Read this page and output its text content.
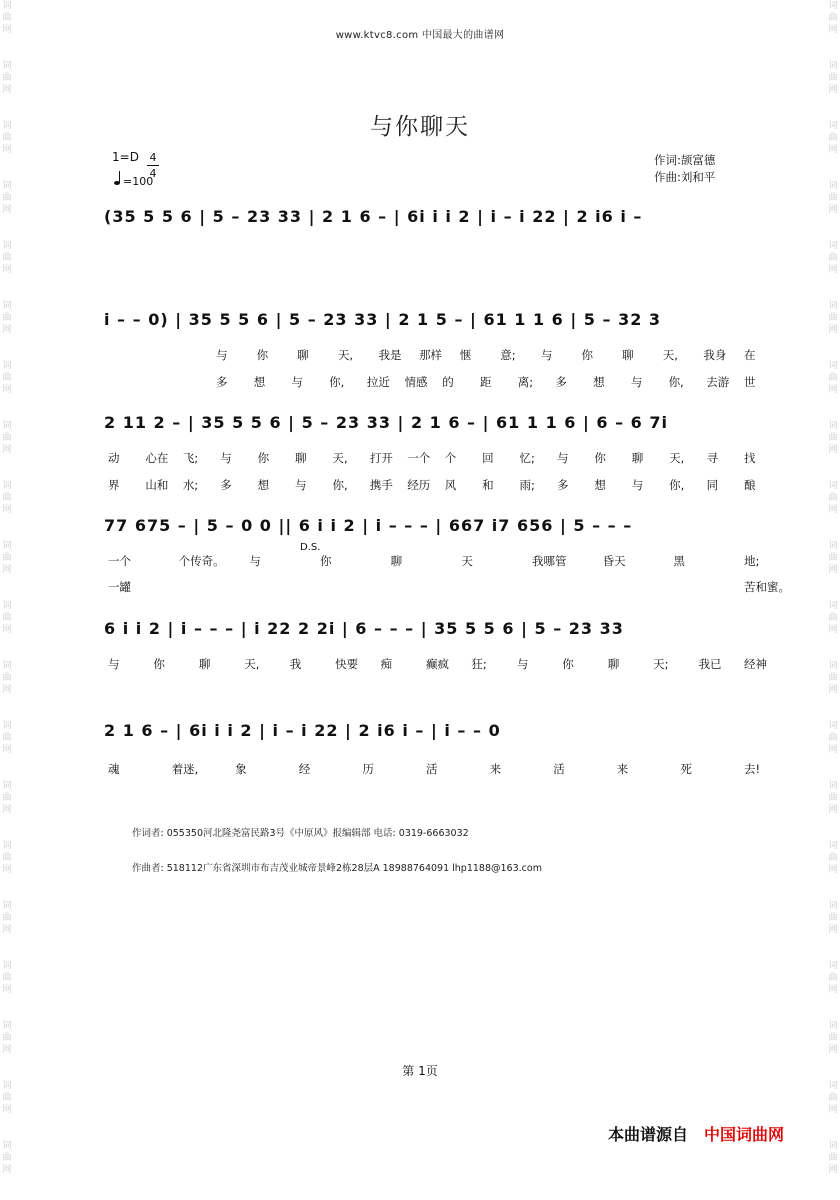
词
曲
网
词
曲
网
词
曲
网
词
曲
网
词
曲
网
词
曲
网
词
曲
网
词
曲
网
词
曲
网
词
曲
网
词
曲
网
词
曲
网
词
曲
网
词
曲
网
词
曲
网
词
曲
网
词
曲
网
词
曲
网
词
曲
网
词
曲
网
词
曲
网
词
曲
网
词
曲
网
词
曲
网
词
曲
网
词
曲
网
词
曲
网
词
曲
网
词
曲
网
词
曲
网
词
曲
网
词
曲
网
词
曲
网
词
曲
网
词
曲
网
词
曲
网
词
曲
网
词
曲
网
词
曲
网
词
曲
网
www.ktvc8.com 中国最大的曲谱网
与你聊天
1=D 4
4
=100
作词:颉富德
作曲:刘和平
(35 5 5 6 | 5 – 23 33 | 2 1 6 – | 6i i i 2 | i – i 22 | 2 i6 i –
i – – 0) | 35 5 5 6 | 5 – 23 33 | 2 1 5 – | 61 1 1 6 | 5 – 32 3
2 11 2 – | 35 5 5 6 | 5 – 23 33 | 2 1 6 – | 61 1 1 6 | 6 – 6 7i
77 675 – | 5 – 0 0 || 6 i i 2 | i – – – | 667 i7 656 | 5 – – –
D.S.
6 i i 2 | i – – – | i 22 2 2i | 6 – – – | 35 5 5 6 | 5 – 23 33
2 1 6 – | 6i i i 2 | i – i 22 | 2 i6 i – | i – – 0
与	你	聊	天, 我是 那样 惬	意; 与	你	聊	天, 我身 在
多 想 与 你, 拉近 情感 的 距 离; 多 想 与 你, 去游 世
动 心在 飞; 与 你 聊 天, 打开 一个 个 回 忆; 与 你 聊 天, 寻 找
界 山和 水; 多 想 与 你, 携手 经历 风 和 雨; 多 想 与 你, 同 酿
一个	个传奇。 与	你	聊	天	我哪管	昏天	黑	地;
一罐	苦和蜜。
与	你	聊	天,	我	快要 痴	癫疯 狂;	与	你	聊	天;	我已 经神
魂	着迷,	象	经	历	活	来	活	来	死	去!
作词者: 055350河北隆尧富民路3号《中原风》报编辑部 电话: 0319-6663032
作曲者: 518112广东省深圳市布吉茂业城帝景峰2栋28层A 18988764091 lhp1188@163.com
第 1页
本曲谱源自 中国词曲网
